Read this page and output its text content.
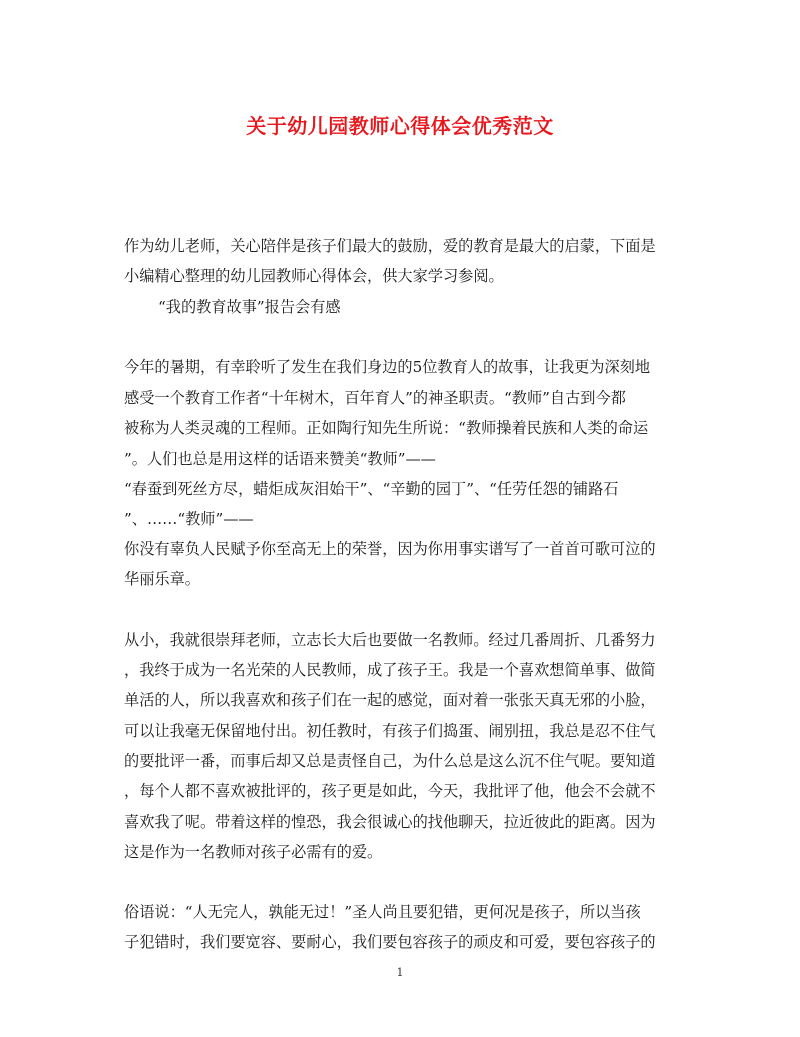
关于幼儿园教师心得体会优秀范文
作为幼儿老师，关心陪伴是孩子们最大的鼓励，爱的教育是最大的启蒙，下面是
小编精心整理的幼儿园教师心得体会，供大家学习参阅。
“我的教育故事”报告会有感
今年的暑期，有幸聆听了发生在我们身边的5位教育人的故事，让我更为深刻地
感受一个教育工作者“十年树木，百年育人”的神圣职责。“教师”自古到今都
被称为人类灵魂的工程师。正如陶行知先生所说：“教师操着民族和人类的命运
”。人们也总是用这样的话语来赞美“教师”——
“春蚕到死丝方尽，蜡炬成灰泪始干”、“辛勤的园丁”、“任劳任怨的铺路石
”、……“教师”——
你没有辜负人民赋予你至高无上的荣誉，因为你用事实谱写了一首首可歌可泣的
华丽乐章。
从小，我就很崇拜老师，立志长大后也要做一名教师。经过几番周折、几番努力
，我终于成为一名光荣的人民教师，成了孩子王。我是一个喜欢想简单事、做简
单活的人，所以我喜欢和孩子们在一起的感觉，面对着一张张天真无邪的小脸，
可以让我毫无保留地付出。初任教时，有孩子们捣蛋、闹别扭，我总是忍不住气
的要批评一番，而事后却又总是责怪自己，为什么总是这么沉不住气呢。要知道
，每个人都不喜欢被批评的，孩子更是如此，今天，我批评了他，他会不会就不
喜欢我了呢。带着这样的惶恐，我会很诚心的找他聊天，拉近彼此的距离。因为
这是作为一名教师对孩子必需有的爱。
俗语说：“人无完人，孰能无过！”圣人尚且要犯错，更何况是孩子，所以当孩
子犯错时，我们要宽容、要耐心，我们要包容孩子的顽皮和可爱，要包容孩子的
1
